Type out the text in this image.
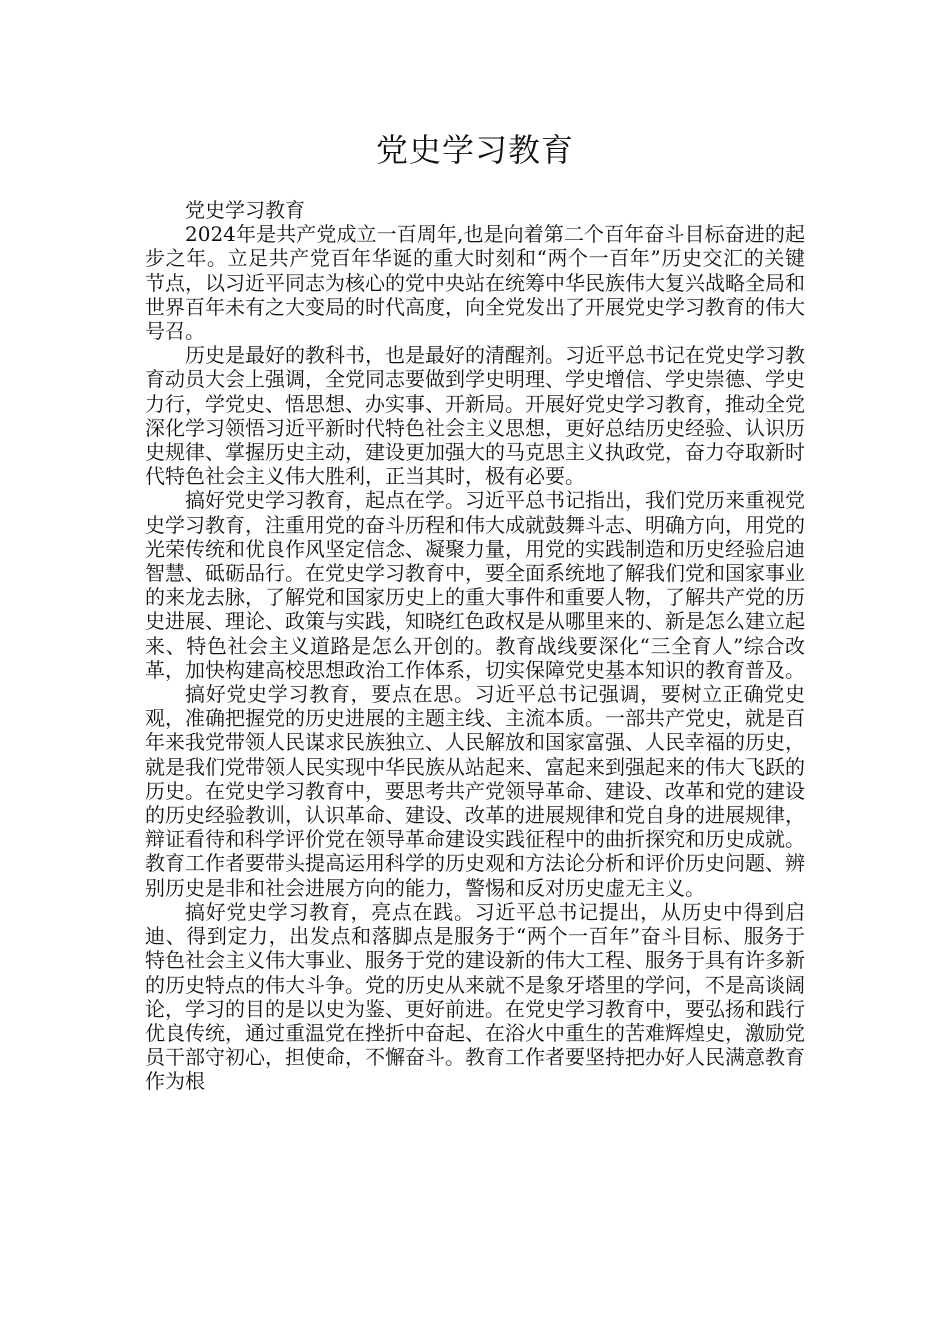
党史学习教育

党史学习教育

2024年是共产党成立一百周年,也是向着第二个百年奋斗目标奋进的起步之年。立足共产党百年华诞的重大时刻和“两个一百年”历史交汇的关键节点，以习近平同志为核心的党中央站在统筹中华民族伟大复兴战略全局和世界百年未有之大变局的时代高度，向全党发出了开展党史学习教育的伟大号召。

历史是最好的教科书，也是最好的清醒剂。习近平总书记在党史学习教育动员大会上强调，全党同志要做到学史明理、学史增信、学史崇德、学史力行，学党史、悟思想、办实事、开新局。开展好党史学习教育，推动全党深化学习领悟习近平新时代特色社会主义思想，更好总结历史经验、认识历史规律、掌握历史主动，建设更加强大的马克思主义执政党，奋力夺取新时代特色社会主义伟大胜利，正当其时，极有必要。

搞好党史学习教育，起点在学。习近平总书记指出，我们党历来重视党史学习教育，注重用党的奋斗历程和伟大成就鼓舞斗志、明确方向，用党的光荣传统和优良作风坚定信念、凝聚力量，用党的实践制造和历史经验启迪智慧、砥砺品行。在党史学习教育中，要全面系统地了解我们党和国家事业的来龙去脉，了解党和国家历史上的重大事件和重要人物，了解共产党的历史进展、理论、政策与实践，知晓红色政权是从哪里来的、新是怎么建立起来、特色社会主义道路是怎么开创的。教育战线要深化“三全育人”综合改革，加快构建高校思想政治工作体系，切实保障党史基本知识的教育普及。

搞好党史学习教育，要点在思。习近平总书记强调，要树立正确党史观，准确把握党的历史进展的主题主线、主流本质。一部共产党史，就是百年来我党带领人民谋求民族独立、人民解放和国家富强、人民幸福的历史，就是我们党带领人民实现中华民族从站起来、富起来到强起来的伟大飞跃的历史。在党史学习教育中，要思考共产党领导革命、建设、改革和党的建设的历史经验教训，认识革命、建设、改革的进展规律和党自身的进展规律，辩证看待和科学评价党在领导革命建设实践征程中的曲折探究和历史成就。教育工作者要带头提高运用科学的历史观和方法论分析和评价历史问题、辨别历史是非和社会进展方向的能力，警惕和反对历史虚无主义。

搞好党史学习教育，亮点在践。习近平总书记提出，从历史中得到启迪、得到定力，出发点和落脚点是服务于“两个一百年”奋斗目标、服务于特色社会主义伟大事业、服务于党的建设新的伟大工程、服务于具有许多新的历史特点的伟大斗争。党的历史从来就不是象牙塔里的学问，不是高谈阔论，学习的目的是以史为鉴、更好前进。在党史学习教育中，要弘扬和践行优良传统，通过重温党在挫折中奋起、在浴火中重生的苦难辉煌史，激励党员干部守初心，担使命，不懈奋斗。教育工作者要坚持把办好人民满意教育作为根
